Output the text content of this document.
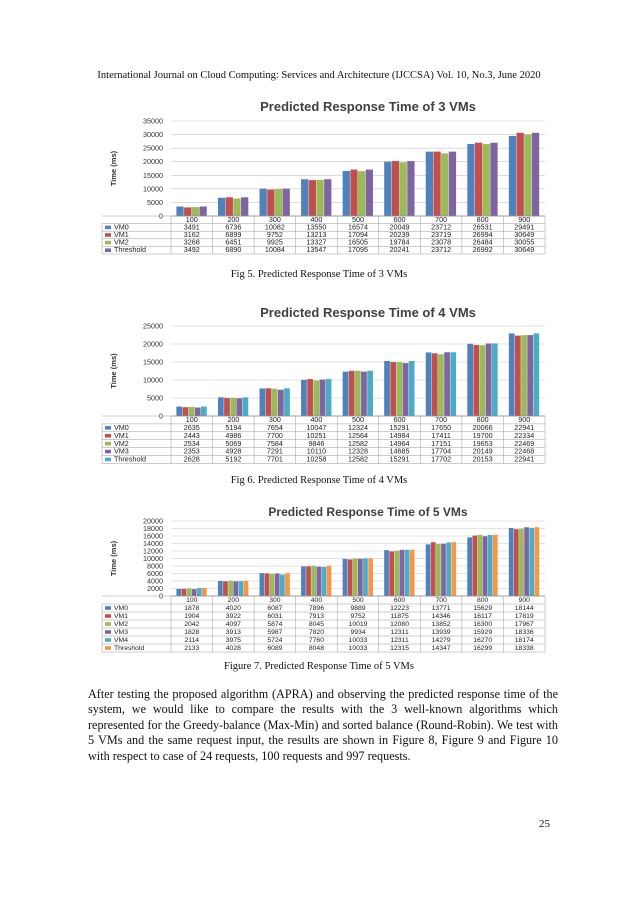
International Journal on Cloud Computing: Services and Architecture (IJCCSA) Vol. 10, No.3, June 2020
Predicted Response Time of 3 VMs
0
5000
10000
15000
20000
25000
30000
35000
Time (ms)
100	200	300	400	500	600	700	800	900
VM0	3491	6736	10082	13550	16574	20049	23712	26531	29491
VM1	3162	6899	9752	13213	17094	20239	23719	26994	30649
VM2	3268	6451	9925	13327	16505	19784	23078	26484	30055
Threshold	3492	6890	10084	13547	17095	20241	23712	26992	30649
Fig 5. Predicted Response Time of 3 VMs
Predicted Response Time of 4 VMs
0
5000
10000
15000
20000
25000
Time (ms)
100	200	300	400	500	600	700	800	900
VM0	2635	5194	7654	10047	12324	15291	17650	20066	22941
VM1	2443	4986	7700	10251	12564	14984	17411	19700	22334
VM2	2534	5069	7584	9846	12582	14964	17151	19653	22469
VM3	2353	4928	7291	10110	12328	14685	17704	20149	22468
Threshold	2628	5192	7701	10258	12582	15291	17702	20153	22941
Fig 6. Predicted Response Time of 4 VMs
Predicted Response Time of 5 VMs
0
2000
4000
6000
8000
10000
12000
14000
16000
18000
20000
Time (ms)
100	200	300	400	500	600	700	800	900
VM0	1878	4020	6087	7896	9889	12223	13771	15629	18144
VM1	1904	3922	6031	7913	9752	11875	14346	16117	17819
VM2	2042	4097	5874	8045	10019	12080	13852	16300	17967
VM3	1828	3913	5987	7820	9934	12311	13939	15929	18336
VM4	2114	3975	5724	7760	10033	12311	14279	16270	18174
Threshold	2133	4028	6089	8048	10033	12315	14347	16299	18338
Figure 7. Predicted Response Time of 5 VMs
After testing the proposed algorithm (APRA) and observing the predicted response time of the system, we would like to compare the results with the 3 well-known algorithms which represented for the Greedy-balance (Max-Min) and sorted balance (Round-Robin). We test with 5 VMs and the same request input, the results are shown in Figure 8, Figure 9 and Figure 10 with respect to case of 24 requests, 100 requests and 997 requests.
25
